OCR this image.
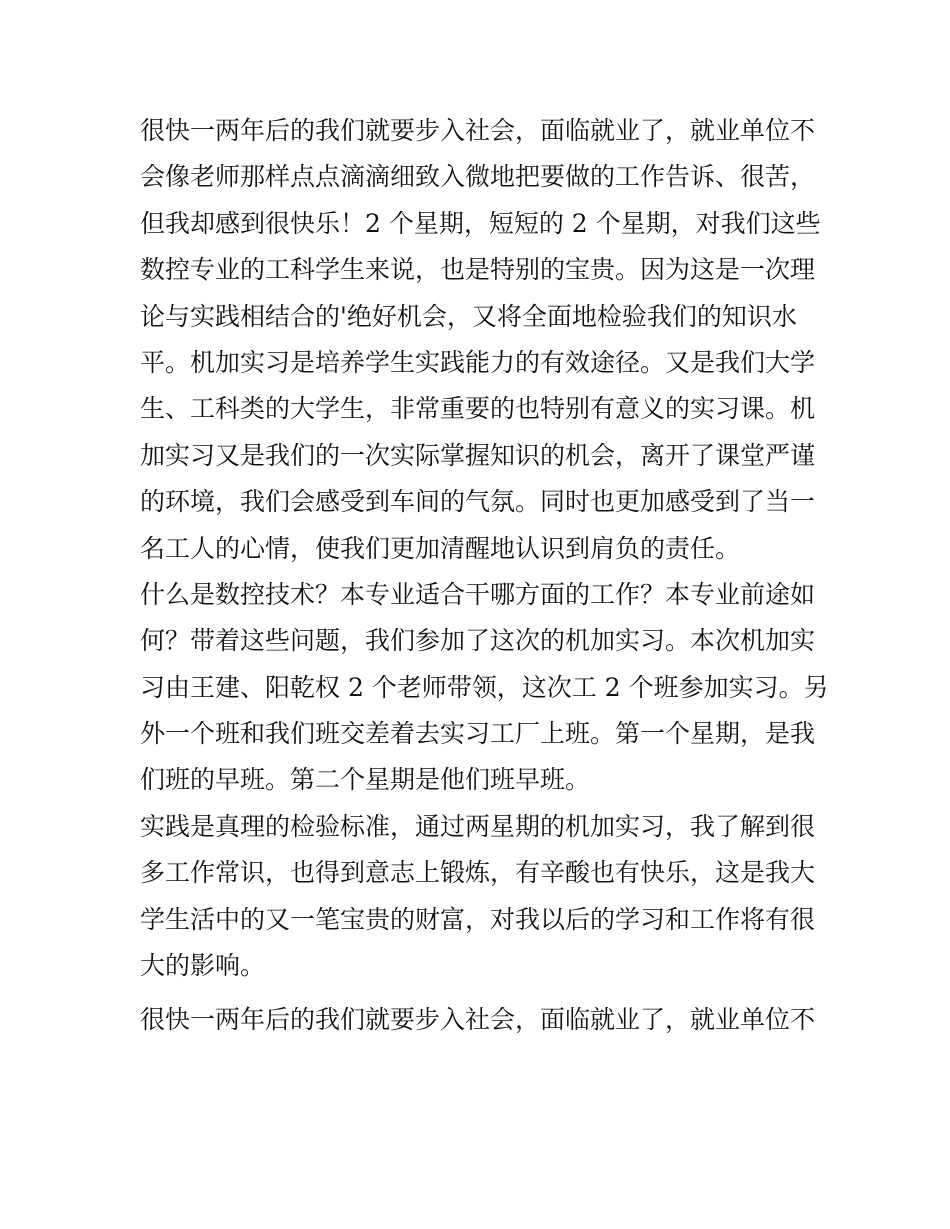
很快一两年后的我们就要步入社会，面临就业了，就业单位不
会像老师那样点点滴滴细致入微地把要做的工作告诉、很苦，
但我却感到很快乐！2 个星期，短短的 2 个星期，对我们这些
数控专业的工科学生来说，也是特别的宝贵。因为这是一次理
论与实践相结合的'绝好机会，又将全面地检验我们的知识水
平。机加实习是培养学生实践能力的有效途径。又是我们大学
生、工科类的大学生，非常重要的也特别有意义的实习课。机
加实习又是我们的一次实际掌握知识的机会，离开了课堂严谨
的环境，我们会感受到车间的气氛。同时也更加感受到了当一
名工人的心情，使我们更加清醒地认识到肩负的责任。
什么是数控技术？本专业适合干哪方面的工作？本专业前途如
何？带着这些问题，我们参加了这次的机加实习。本次机加实
习由王建、阳乾权 2 个老师带领，这次工 2 个班参加实习。另
外一个班和我们班交差着去实习工厂上班。第一个星期，是我
们班的早班。第二个星期是他们班早班。
实践是真理的检验标准，通过两星期的机加实习，我了解到很
多工作常识，也得到意志上锻炼，有辛酸也有快乐，这是我大
学生活中的又一笔宝贵的财富，对我以后的学习和工作将有很
大的影响。
很快一两年后的我们就要步入社会，面临就业了，就业单位不
